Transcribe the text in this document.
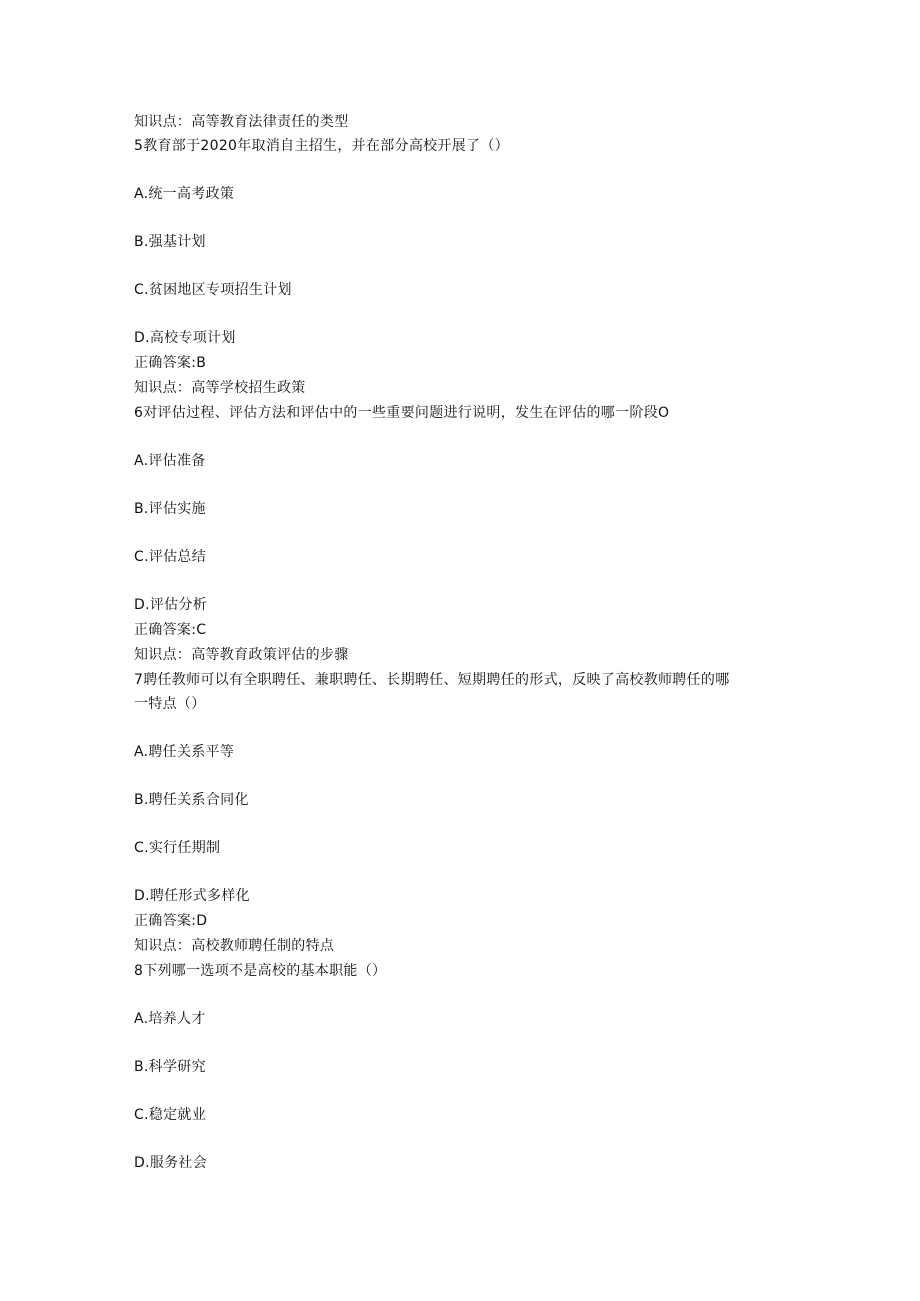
知识点：高等教育法律责任的类型
5教育部于2020年取消自主招生，并在部分高校开展了（）
A.统一高考政策
B.强基计划
C.贫困地区专项招生计划
D.高校专项计划
正确答案:B
知识点：高等学校招生政策
6对评估过程、评估方法和评估中的一些重要问题进行说明，发生在评估的哪一阶段O
A.评估准备
B.评估实施
C.评估总结
D.评估分析
正确答案:C
知识点：高等教育政策评估的步骤
7聘任教师可以有全职聘任、兼职聘任、长期聘任、短期聘任的形式，反映了高校教师聘任的哪
一特点（）
A.聘任关系平等
B.聘任关系合同化
C.实行任期制
D.聘任形式多样化
正确答案:D
知识点：高校教师聘任制的特点
8下列哪一选项不是高校的基本职能（）
A.培养人才
B.科学研究
C.稳定就业
D.服务社会
